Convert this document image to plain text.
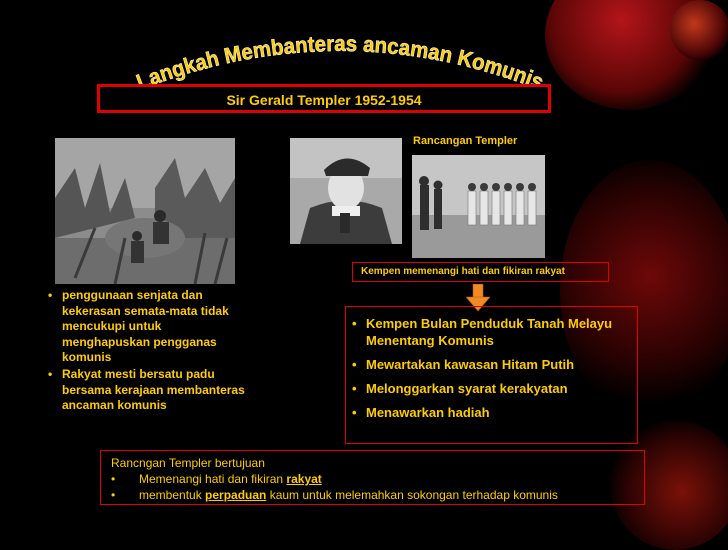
Langkah Membanteras ancaman Komunis
Sir Gerald Templer 1952-1954
Rancangan Templer
Kempen memenangi hati dan fikiran rakyat
• penggunaan senjata dan kekerasan semata-mata tidak mencukupi untuk menghapuskan pengganas komunis
• Rakyat mesti bersatu padu bersama kerajaan membanteras ancaman komunis
• Kempen Bulan Penduduk Tanah Melayu Menentang Komunis
• Mewartakan kawasan Hitam Putih
• Melonggarkan syarat kerakyatan
• Menawarkan hadiah
Rancngan Templer bertujuan
• Memenangi hati dan fikiran rakyat
• membentuk perpaduan kaum untuk melemahkan sokongan terhadap komunis
